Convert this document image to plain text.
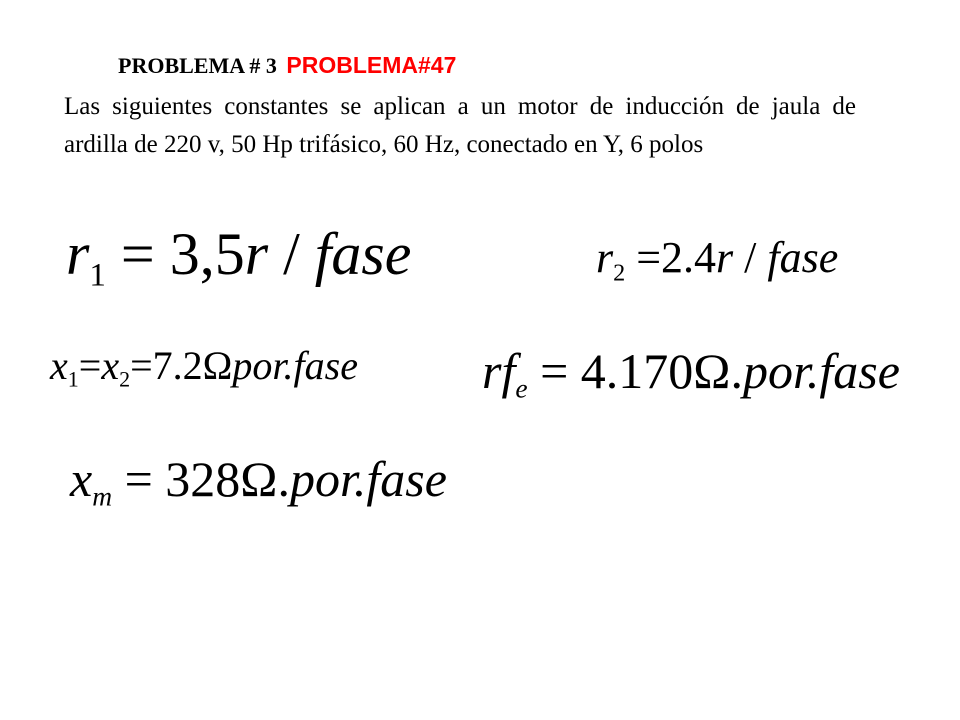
PROBLEMA # 3 PROBLEMA#47
Las siguientes constantes se aplican a un motor de inducción de jaula de ardilla de 220 v, 50 Hp trifásico, 60 Hz, conectado en Y, 6 polos
$r_1 = 3,5r$ / fase	$r_2 =2.4r$ / fase
$x_1=x_2=7.2\Omega por.fase$ $rf_e$ = 4.170Ω.por.fase
$x_m$ = 328Ω.por.fase
